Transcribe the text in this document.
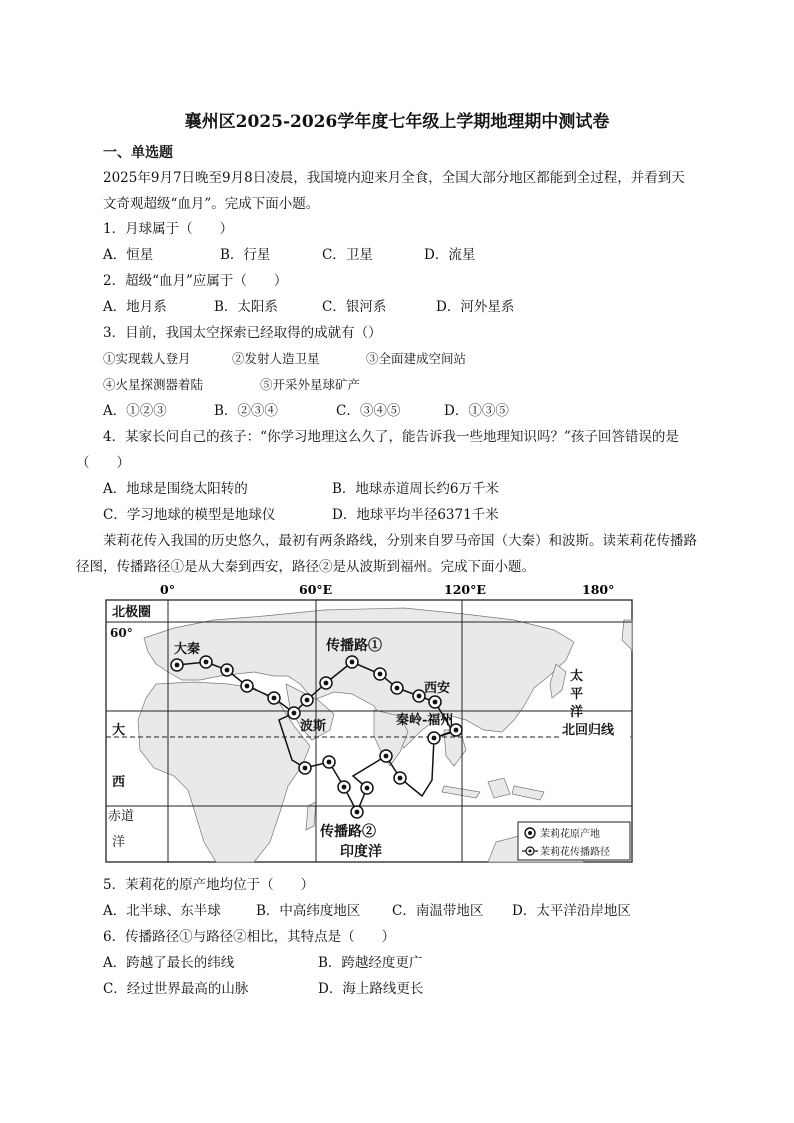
襄州区2025-2026学年度七年级上学期地理期中测试卷
一、单选题
2025年9月7日晚至9月8日凌晨，我国境内迎来月全食，全国大部分地区都能到全过程，并看到天
文奇观超级“血月”。完成下面小题。
1．月球属于（　　）
A．恒星	B．行星	C．卫星	D．流星
2．超级“血月”应属于（　　）
A．地月系	B．太阳系	C．银河系	D．河外星系
3．目前，我国太空探索已经取得的成就有（）
①实现载人登月	②发射人造卫星	③全面建成空间站
④火星探测器着陆	⑤开采外星球矿产
A．①②③	B．②③④	C．③④⑤	D．①③⑤
4．某家长问自己的孩子：“你学习地理这么久了，能告诉我一些地理知识吗？”孩子回答错误的是
（　　）
A．地球是围绕太阳转的	B．地球赤道周长约6万千米
C．学习地球的模型是地球仪	D．地球平均半径6371千米
茉莉花传入我国的历史悠久，最初有两条路线，分别来自罗马帝国（大秦）和波斯。读茉莉花传播路
径图，传播路径①是从大秦到西安，路径②是从波斯到福州。完成下面小题。
0°	60°E	120°E	180°
北极圈
60°
大秦	传播路①
西安
波斯	秦岭-福州
北回归线
太
平
洋
大
西
赤道
洋
传播路②
印度洋
茉莉花原产地
茉莉花传播路径
5．茉莉花的原产地均位于（　　）
A．北半球、东半球	B．中高纬度地区 C．南温带地区 D．太平洋沿岸地区
6．传播路径①与路径②相比，其特点是（　　）
A．跨越了最长的纬线	B．跨越经度更广
C．经过世界最高的山脉	D．海上路线更长
